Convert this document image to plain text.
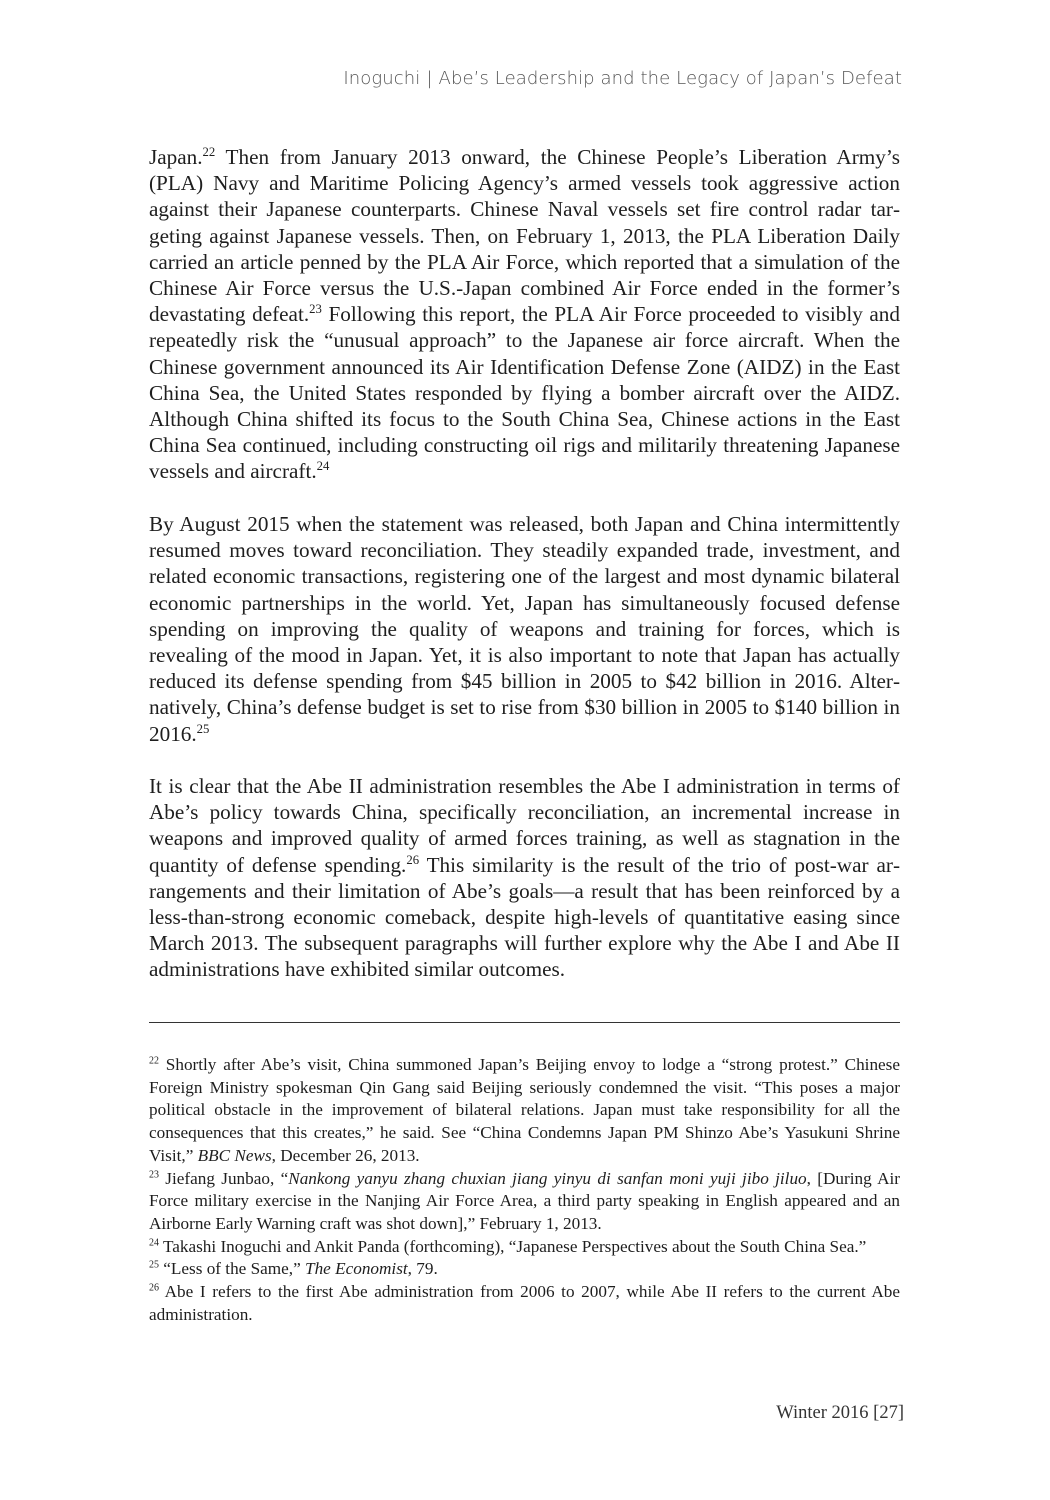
Inoguchi | Abe’s Leadership and the Legacy of Japan’s Defeat

Japan.$^{22}$ Then from January 2013 onward, the Chinese People’s Liberation Army’s (PLA) Navy and Maritime Policing Agency’s armed vessels took aggressive action against their Japanese counterparts. Chinese Naval vessels set fire control radar targeting against Japanese vessels. Then, on February 1, 2013, the PLA Liberation Daily carried an article penned by the PLA Air Force, which reported that a simulation of the Chinese Air Force versus the U.S.-Japan combined Air Force ended in the former’s devastating defeat.$^{23}$ Following this report, the PLA Air Force proceeded to visibly and repeatedly risk the “unusual approach” to the Japanese air force aircraft. When the Chinese government announced its Air Identification Defense Zone (AIDZ) in the East China Sea, the United States responded by flying a bomber aircraft over the AIDZ. Although China shifted its focus to the South China Sea, Chinese actions in the East China Sea continued, including constructing oil rigs and militarily threatening Japanese vessels and aircraft.$^{24}$

By August 2015 when the statement was released, both Japan and China intermittently resumed moves toward reconciliation. They steadily expanded trade, investment, and related economic transactions, registering one of the largest and most dynamic bilateral economic partnerships in the world. Yet, Japan has simultaneously focused defense spending on improving the quality of weapons and training for forces, which is revealing of the mood in Japan. Yet, it is also important to note that Japan has actually reduced its defense spending from $45 billion in 2005 to $42 billion in 2016. Alternatively, China’s defense budget is set to rise from $30 billion in 2005 to $140 billion in 2016.25

It is clear that the Abe II administration resembles the Abe I administration in terms of Abe’s policy towards China, specifically reconciliation, an incremental increase in weapons and improved quality of armed forces training, as well as stagnation in the quantity of defense spending.$^{26}$ This similarity is the result of the trio of post-war arrangements and their limitation of Abe’s goals—a result that has been reinforced by a less-than-strong economic comeback, despite high-levels of quantitative easing since March 2013. The subsequent paragraphs will further explore why the Abe I and Abe II administrations have exhibited similar outcomes.

$^{22}$ Shortly after Abe’s visit, China summoned Japan’s Beijing envoy to lodge a “strong protest.” Chinese Foreign Ministry spokesman Qin Gang said Beijing seriously condemned the visit. “This poses a major political obstacle in the improvement of bilateral relations. Japan must take responsibility for all the consequences that this creates,” he said. See “China Condemns Japan PM Shinzo Abe’s Yasukuni Shrine Visit,” BBC News, December 26, 2013.

$^{23}$ Jiefang Junbao, “Nankong yanyu zhang chuxian jiang yinyu di sanfan moni yuji jibo jiluo, [During Air Force military exercise in the Nanjing Air Force Area, a third party speaking in English appeared and an Airborne Early Warning craft was shot down],” February 1, 2013.

$^{24}$ Takashi Inoguchi and Ankit Panda (forthcoming), “Japanese Perspectives about the South China Sea.”

$^{25}$ “Less of the Same,” The Economist, 79.

$^{26}$ Abe I refers to the first Abe administration from 2006 to 2007, while Abe II refers to the current Abe administration.

Winter 2016 [27]
